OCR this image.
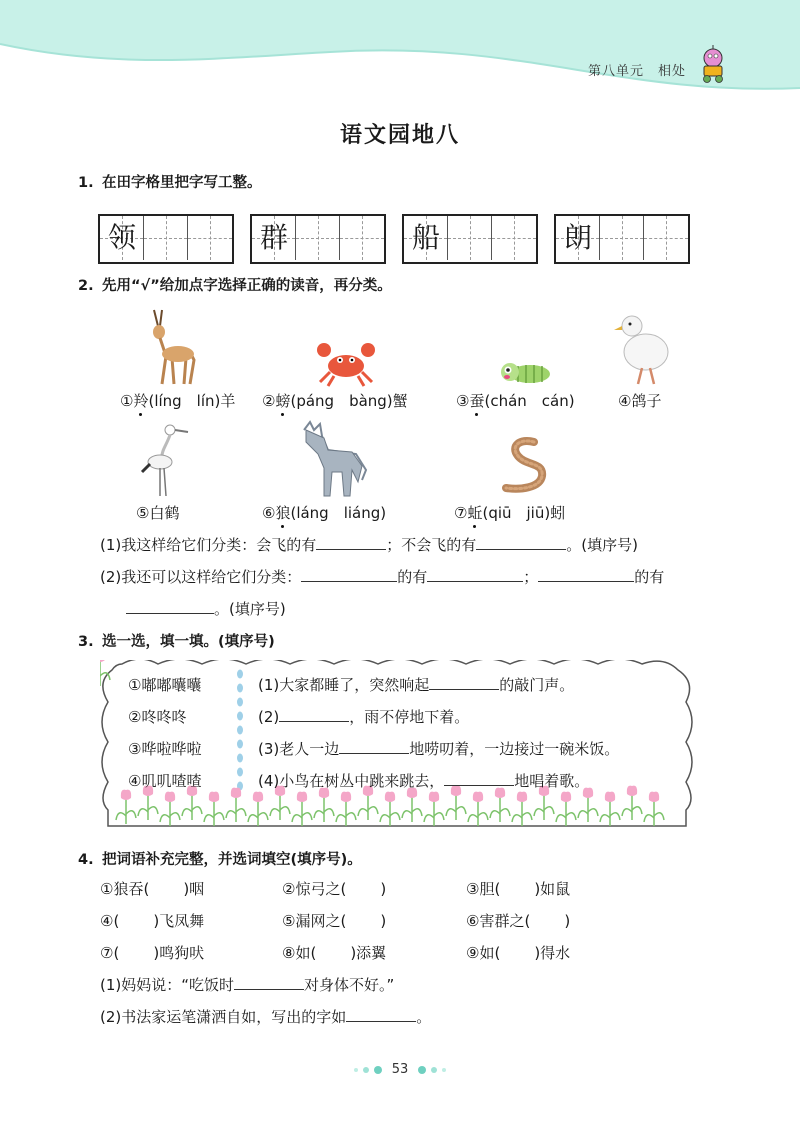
第八单元　相处
语文园地八
1. 在田字格里把字写工整。
领	群	船	朗
2. 先用“√”给加点字选择正确的读音，再分类。
①羚(líng　lín)羊 ②螃(páng　bàng)蟹	③蚕(chán　cán)	④鸽子
⑤白鹤	⑥狼(láng　liáng)	⑦蚯(qiū　jiū)蚓
(1)我这样给它们分类：会飞的有	；不会飞的有	。(填序号)
(2)我还可以这样给它们分类：	的有	；	的有
。(填序号)
3. 选一选，填一填。(填序号)
①嘟嘟囔囔
②咚咚咚
③哗啦哗啦
④叽叽喳喳
(1)大家都睡了，突然响起	的敲门声。
(2)	，雨不停地下着。
(3)老人一边	地唠叨着，一边接过一碗米饭。
(4)小鸟在树丛中跳来跳去，	地唱着歌。
4. 把词语补充完整，并选词填空(填序号)。
①狼吞( )咽	②惊弓之( )	③胆( )如鼠
④( )飞凤舞	⑤漏网之( )	⑥害群之( )
⑦( )鸣狗吠	⑧如( )添翼	⑨如( )得水
(1)妈妈说：“吃饭时	对身体不好。”
(2)书法家运笔潇洒自如，写出的字如	。
53
